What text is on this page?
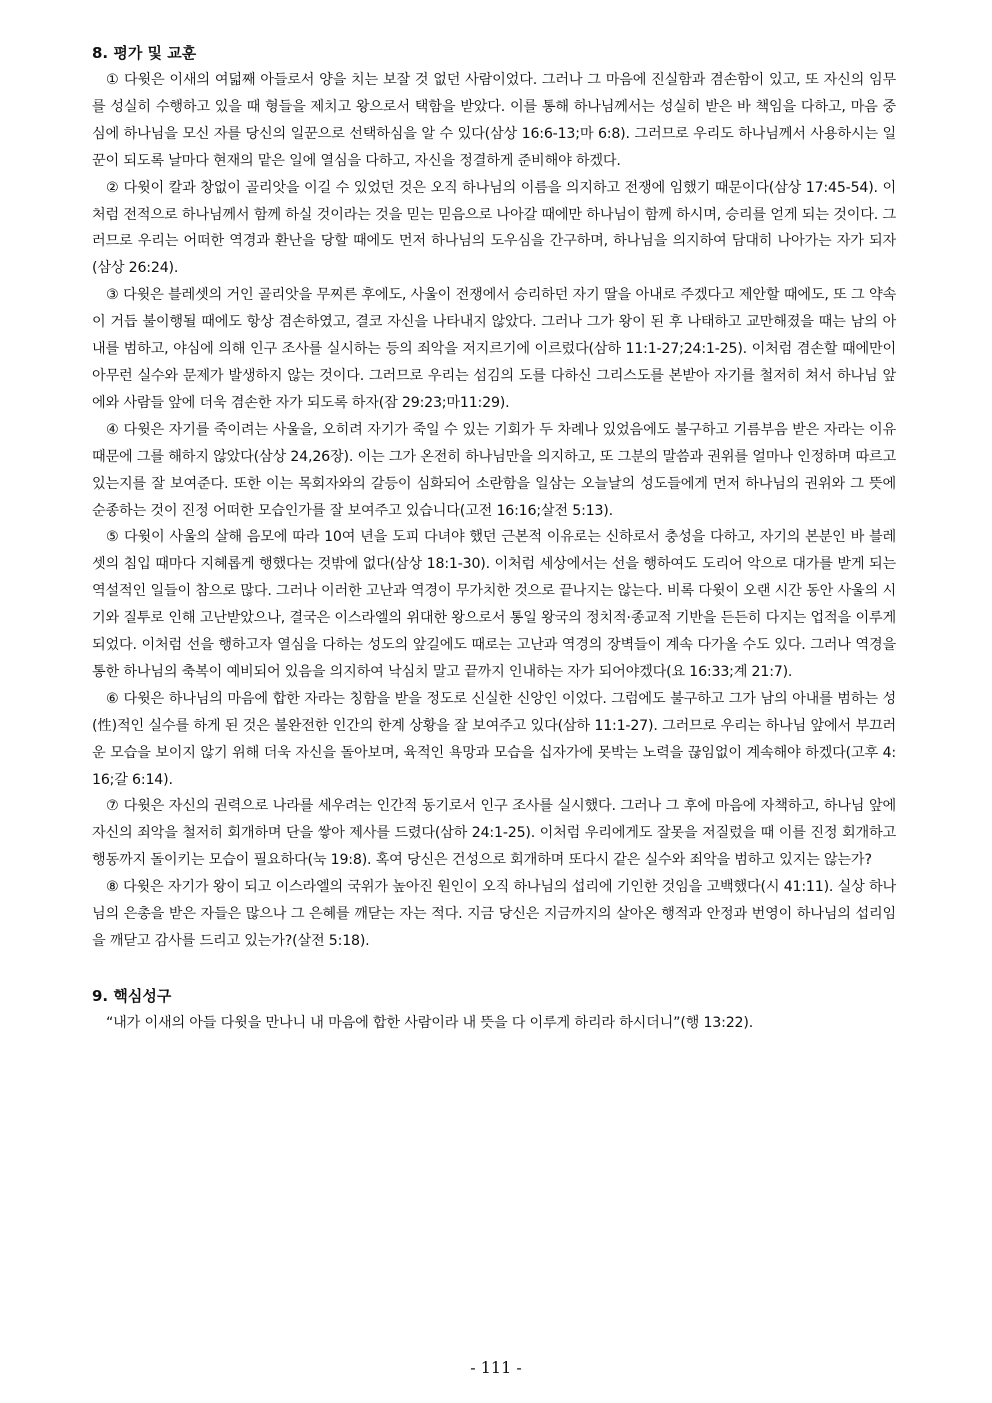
8. 평가 및 교훈

① 다윗은 이새의 여덟째 아들로서 양을 치는 보잘 것 없던 사람이었다. 그러나 그 마음에 진실함과 겸손함이 있고, 또 자신의 임무를 성실히 수행하고 있을 때 형들을 제치고 왕으로서 택함을 받았다. 이를 통해 하나님께서는 성실히 받은 바 책임을 다하고, 마음 중심에 하나님을 모신 자를 당신의 일꾼으로 선택하심을 알 수 있다(삼상 16:6-13;마 6:8). 그러므로 우리도 하나님께서 사용하시는 일꾼이 되도록 날마다 현재의 맡은 일에 열심을 다하고, 자신을 정결하게 준비해야 하겠다.

② 다윗이 칼과 창없이 골리앗을 이길 수 있었던 것은 오직 하나님의 이름을 의지하고 전쟁에 임했기 때문이다(삼상 17:45-54). 이처럼 전적으로 하나님께서 함께 하실 것이라는 것을 믿는 믿음으로 나아갈 때에만 하나님이 함께 하시며, 승리를 얻게 되는 것이다. 그러므로 우리는 어떠한 역경과 환난을 당할 때에도 먼저 하나님의 도우심을 간구하며, 하나님을 의지하여 담대히 나아가는 자가 되자(삼상 26:24).

③ 다윗은 블레셋의 거인 골리앗을 무찌른 후에도, 사울이 전쟁에서 승리하던 자기 딸을 아내로 주겠다고 제안할 때에도, 또 그 약속이 거듭 불이행될 때에도 항상 겸손하였고, 결코 자신을 나타내지 않았다. 그러나 그가 왕이 된 후 나태하고 교만해졌을 때는 남의 아내를 범하고, 야심에 의해 인구 조사를 실시하는 등의 죄악을 저지르기에 이르렀다(삼하 11:1-27;24:1-25). 이처럼 겸손할 때에만이 아무런 실수와 문제가 발생하지 않는 것이다. 그러므로 우리는 섬김의 도를 다하신 그리스도를 본받아 자기를 철저히 쳐서 하나님 앞에와 사람들 앞에 더욱 겸손한 자가 되도록 하자(잠 29:23;마11:29).

④ 다윗은 자기를 죽이려는 사울을, 오히려 자기가 죽일 수 있는 기회가 두 차례나 있었음에도 불구하고 기름부음 받은 자라는 이유 때문에 그를 해하지 않았다(삼상 24,26장). 이는 그가 온전히 하나님만을 의지하고, 또 그분의 말씀과 권위를 얼마나 인정하며 따르고 있는지를 잘 보여준다. 또한 이는 목회자와의 갈등이 심화되어 소란함을 일삼는 오늘날의 성도들에게 먼저 하나님의 권위와 그 뜻에 순종하는 것이 진정 어떠한 모습인가를 잘 보여주고 있습니다(고전 16:16;살전 5:13).

⑤ 다윗이 사울의 살해 음모에 따라 10여 년을 도피 다녀야 했던 근본적 이유로는 신하로서 충성을 다하고, 자기의 본분인 바 블레셋의 침입 때마다 지혜롭게 행했다는 것밖에 없다(삼상 18:1-30). 이처럼 세상에서는 선을 행하여도 도리어 악으로 대가를 받게 되는 역설적인 일들이 참으로 많다. 그러나 이러한 고난과 역경이 무가치한 것으로 끝나지는 않는다. 비록 다윗이 오랜 시간 동안 사울의 시기와 질투로 인해 고난받았으나, 결국은 이스라엘의 위대한 왕으로서 통일 왕국의 정치적·종교적 기반을 든든히 다지는 업적을 이루게 되었다. 이처럼 선을 행하고자 열심을 다하는 성도의 앞길에도 때로는 고난과 역경의 장벽들이 계속 다가올 수도 있다. 그러나 역경을 통한 하나님의 축복이 예비되어 있음을 의지하여 낙심치 말고 끝까지 인내하는 자가 되어야겠다(요 16:33;계 21:7).

⑥ 다윗은 하나님의 마음에 합한 자라는 칭함을 받을 정도로 신실한 신앙인 이었다. 그럼에도 불구하고 그가 남의 아내를 범하는 성(性)적인 실수를 하게 된 것은 불완전한 인간의 한계 상황을 잘 보여주고 있다(삼하 11:1-27). 그러므로 우리는 하나님 앞에서 부끄러운 모습을 보이지 않기 위해 더욱 자신을 돌아보며, 육적인 욕망과 모습을 십자가에 못박는 노력을 끊임없이 계속해야 하겠다(고후 4:16;갈 6:14).

⑦ 다윗은 자신의 권력으로 나라를 세우려는 인간적 동기로서 인구 조사를 실시했다. 그러나 그 후에 마음에 자책하고, 하나님 앞에 자신의 죄악을 철저히 회개하며 단을 쌓아 제사를 드렸다(삼하 24:1-25). 이처럼 우리에게도 잘못을 저질렀을 때 이를 진정 회개하고 행동까지 돌이키는 모습이 필요하다(눅 19:8). 혹여 당신은 건성으로 회개하며 또다시 같은 실수와 죄악을 범하고 있지는 않는가?

⑧ 다윗은 자기가 왕이 되고 이스라엘의 국위가 높아진 원인이 오직 하나님의 섭리에 기인한 것임을 고백했다(시 41:11). 실상 하나님의 은총을 받은 자들은 많으나 그 은혜를 깨닫는 자는 적다. 지금 당신은 지금까지의 살아온 행적과 안정과 번영이 하나님의 섭리임을 깨닫고 감사를 드리고 있는가?(살전 5:18).

9. 핵심성구

“내가 이새의 아들 다윗을 만나니 내 마음에 합한 사람이라 내 뜻을 다 이루게 하리라 하시더니”(행 13:22).

- 111 -
